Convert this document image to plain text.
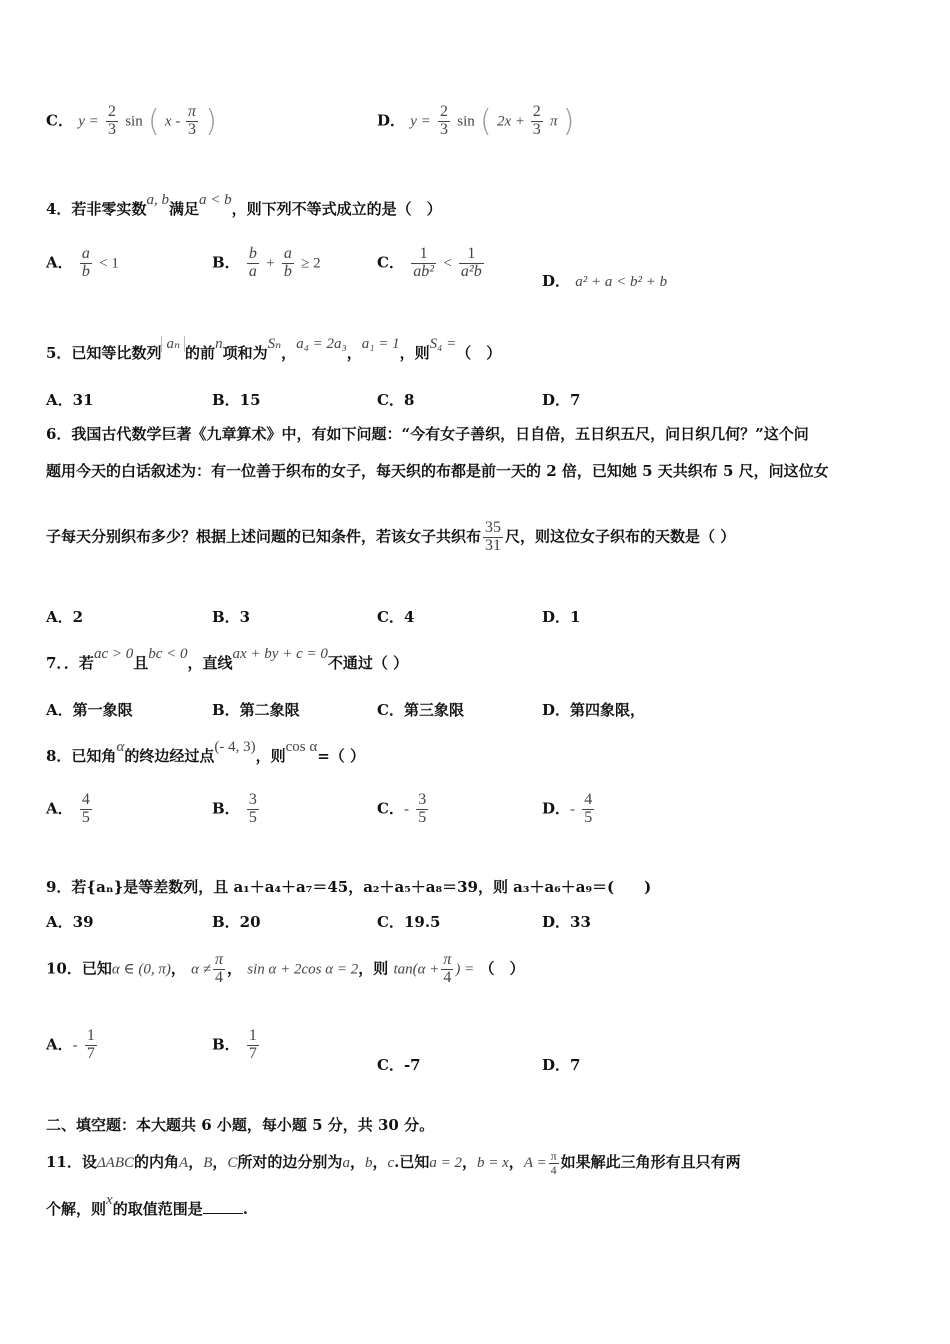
C． $y = \frac{2}{3}$ sin ( x - $\frac{\pi}{3}$ )	D． $y = \frac{2}{3}$ sin ( $2x + \frac{2}{3}$ π )
4．若非零实数a, b满足a < b，则下列不等式成立的是（　）
A． $\frac{a}{b} < 1$	B． $\frac{b}{a} + \frac{a}{b} \ge 2$	C． $\frac{1}{\text{ab²}} < \frac{1}{\text{a²b}}$
D． a² + a < b² + b
5．已知等比数列 aₙ 的前n项和为Sₙ，a₄ = 2a₃，a₁ = 1，则S₄ =（　）
A．31	B．15	C．8	D．7
6．我国古代数学巨著《九章算术》中，有如下问题：“今有女子善织，日自倍，五日织五尺，问日织几何？”这个问
题用今天的白话叙述为：有一位善于织布的女子，每天织的布都是前一天的 2 倍，已知她 5 天共织布 5 尺，问这位女
子每天分别织布多少？根据上述问题的已知条件，若该女子共织布 $\frac{35}{31}$ 尺，则这位女子织布的天数是（ ）
A．2	B．3	C．4	D．1
7．．若ac > 0且bc < 0，直线ax + by + c = 0不通过（ ）
A．第一象限	B．第二象限	C．第三象限	D．第四象限，
8．已知角α的终边经过点(- 4, 3)，则cos α=（ ）
A． $\frac{4}{5}$	B． $\frac{3}{5}$	C．- $\frac{3}{5}$	D．- $\frac{4}{5}$
9．若{aₙ}是等差数列，且 a₁＋a₄＋a₇＝45，a₂＋a₅＋a₈＝39，则 a₃＋a₆＋a₉＝(　　)
A．39	B．20	C．19.5	D．33
10．已知α ∈ (0, π)， $\alpha \ne \frac{\pi}{4}$ ， sin α + 2cos α = 2，则 $\tan(\alpha + \frac{\pi}{4}$ ) = （　）
A．- $\frac{1}{7}$	B． $\frac{1}{7}$
C．-7	D．7
二、填空题：本大题共 6 小题，每小题 5 分，共 30 分。
11．设ΔABC的内角A，B，C所对的边分别为a，b，c.已知a = 2，b = x，$A = \frac{\pi}{4}$ 如果解此三角形有且只有两
个解，则x的取值范围是	.
